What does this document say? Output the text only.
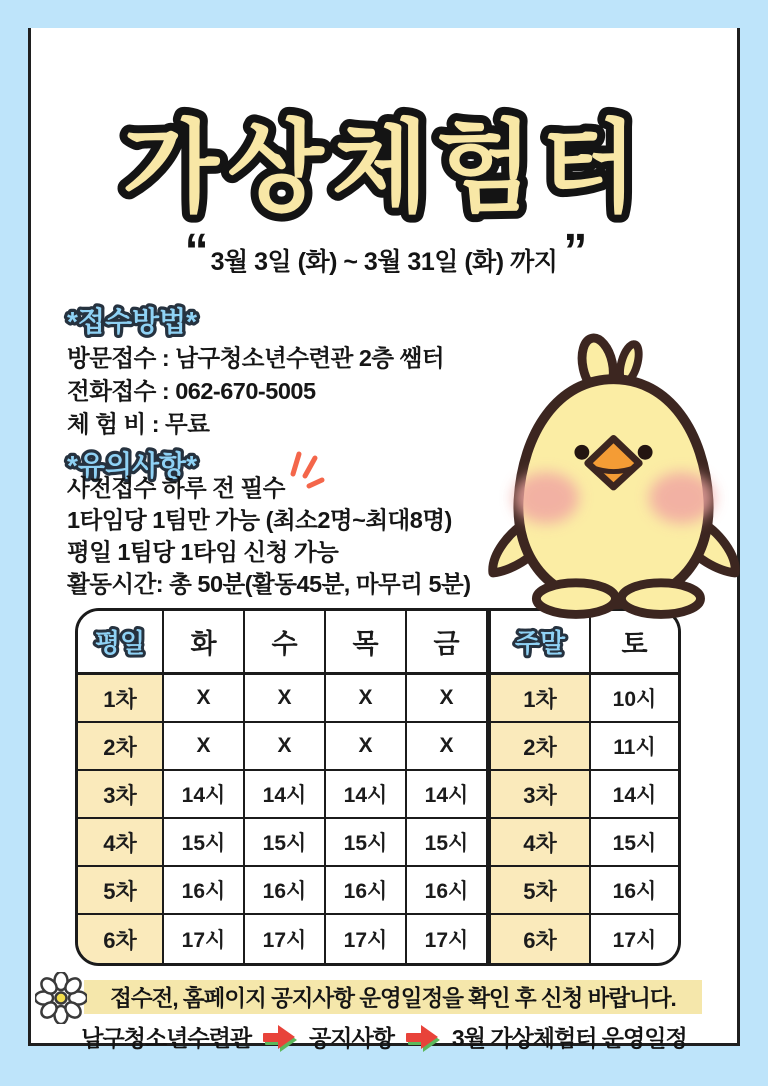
가상체험터
“ 3월 3일 (화) ~ 3월 31일 (화) 까지 ”
*접수방법*
방문접수 : 남구청소년수련관 2층 쌤터
전화접수 : 062-670-5005
체 험 비 : 무료
*유의사항*
사전접수 하루 전 필수
1타임당 1팀만 가능 (최소2명~최대8명)
평일 1팀당 1타임 신청 가능
활동시간: 총 50분(활동45분, 마무리 5분)
평일	화	수	목	금	주말	토
1차	X	X	X	X	1차	10시
2차	X	X	X	X	2차	11시
3차	14시	14시	14시	14시	3차	14시
4차	15시	15시	15시	15시	4차	15시
5차	16시	16시	16시	16시	5차	16시
6차	17시	17시	17시	17시	6차	17시
접수전, 홈페이지 공지사항 운영일정을 확인 후 신청 바랍니다.
남구청소년수련관	공지사항	3월 가상체험터 운영일정
